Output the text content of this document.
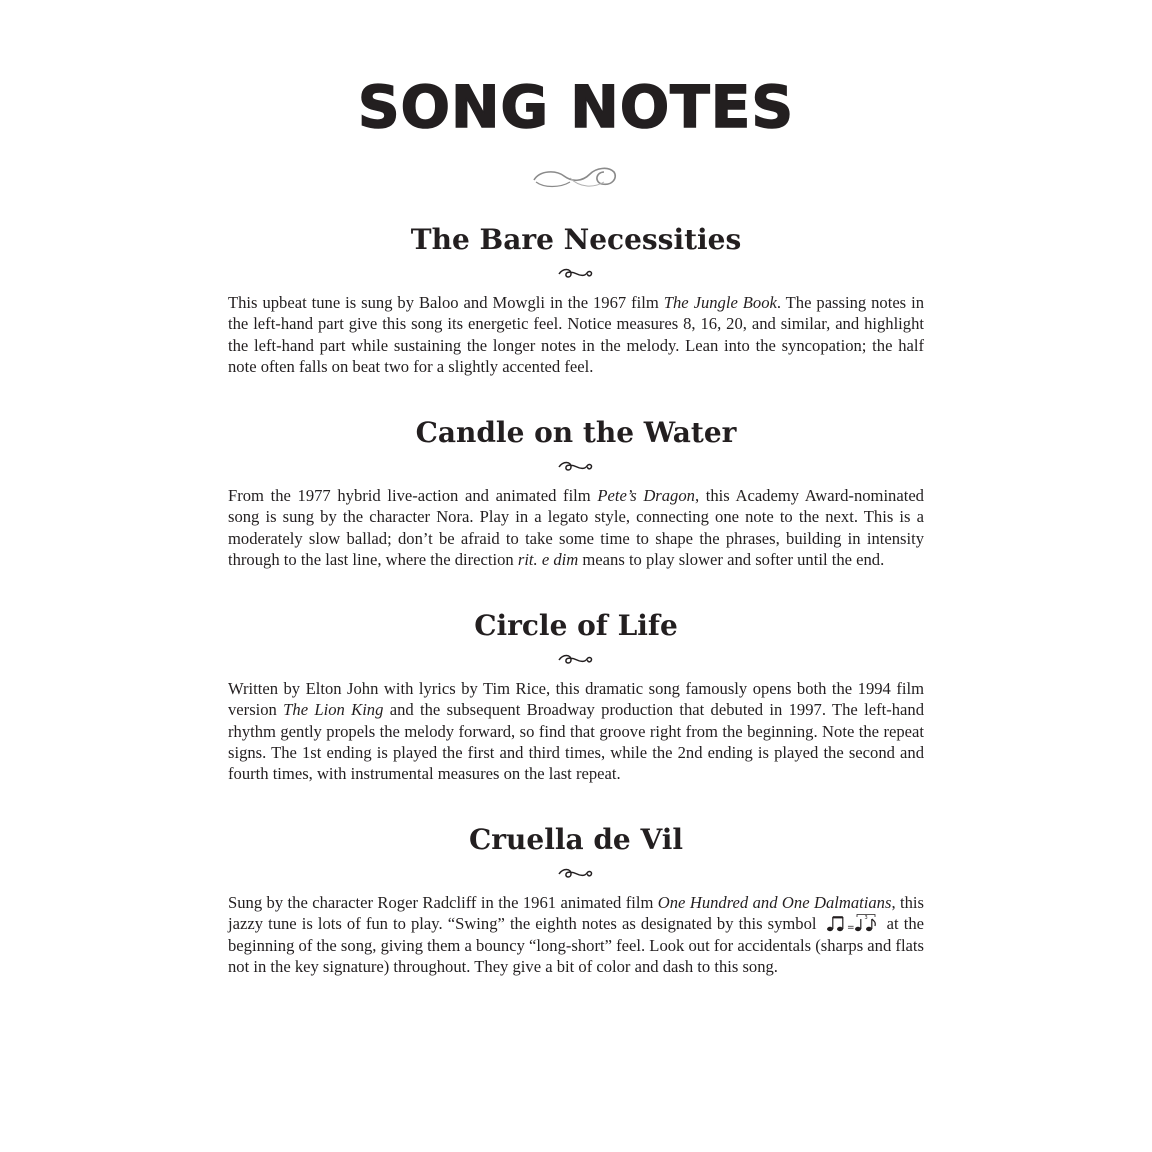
SONG NOTES
The Bare Necessities

This upbeat tune is sung by Baloo and Mowgli in the 1967 film The Jungle Book. The passing notes in the left-hand part give this song its energetic feel. Notice measures 8, 16, 20, and similar, and highlight the left-hand part while sustaining the longer notes in the melody. Lean into the syncopation; the half note often falls on beat two for a slightly accented feel.

Candle on the Water

From the 1977 hybrid live-action and animated film Pete’s Dragon, this Academy Award-nominated song is sung by the character Nora. Play in a legato style, connecting one note to the next. This is a moderately slow ballad; don’t be afraid to take some time to shape the phrases, building in intensity through to the last line, where the direction rit. e dim means to play slower and softer until the end.

Circle of Life

Written by Elton John with lyrics by Tim Rice, this dramatic song famously opens both the 1994 film version The Lion King and the subsequent Broadway production that debuted in 1997. The left-hand rhythm gently propels the melody forward, so find that groove right from the beginning. Note the repeat signs. The 1st ending is played the first and third times, while the 2nd ending is played the second and fourth times, with instrumental measures on the last repeat.

Cruella de Vil

Sung by the character Roger Radcliff in the 1961 animated film One Hundred and One Dalmatians, this jazzy tune is lots of fun to play. “Swing” the eighth notes as designated by this symbol	=
3 at the beginning of the song, giving them a bouncy “long-short” feel. Look out for accidentals (sharps and flats not in the key signature) throughout. They give a bit of color and dash to this song.
